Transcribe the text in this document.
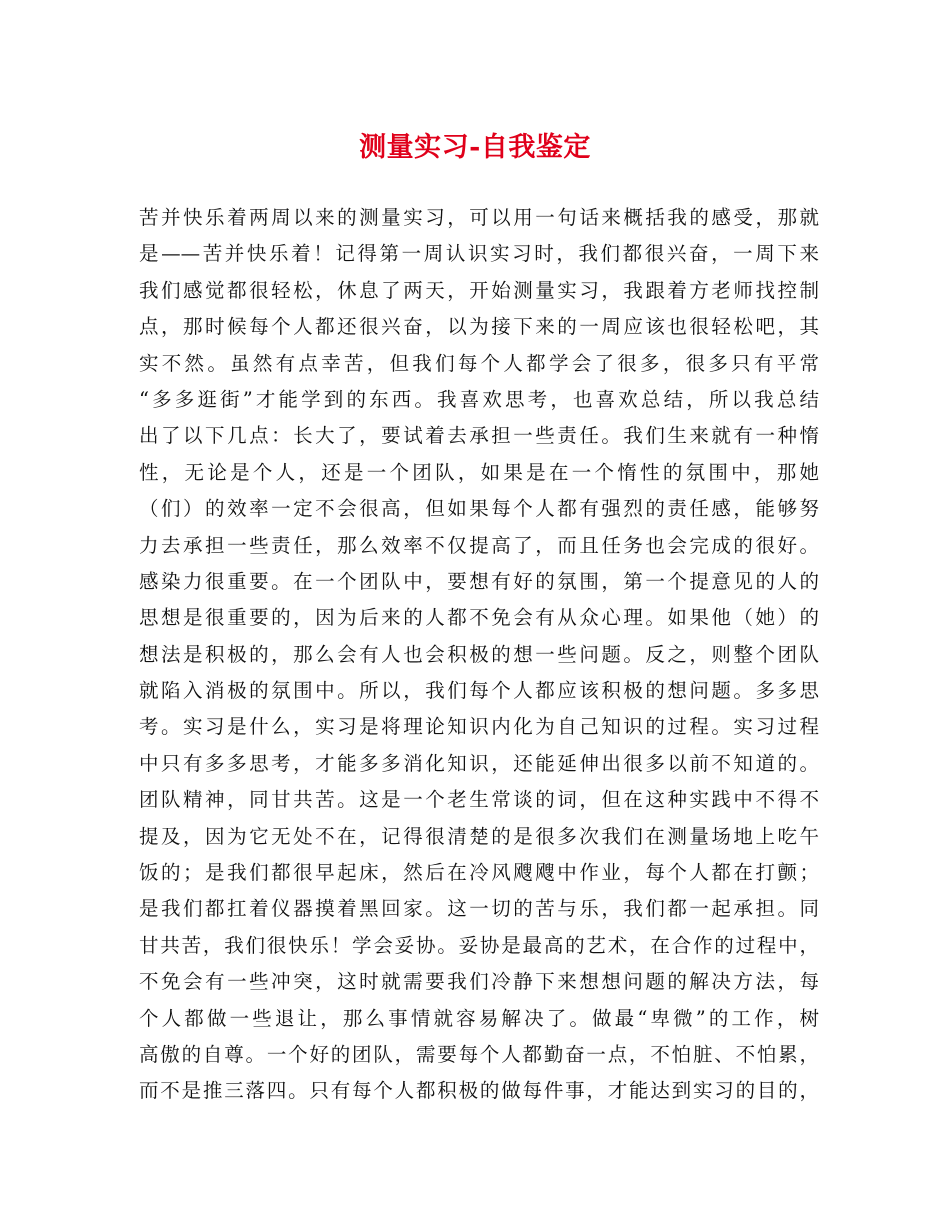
测量实习-自我鉴定
苦并快乐着两周以来的测量实习，可以用一句话来概括我的感受，那就
是——苦并快乐着！记得第一周认识实习时，我们都很兴奋，一周下来
我们感觉都很轻松，休息了两天，开始测量实习，我跟着方老师找控制
点，那时候每个人都还很兴奋，以为接下来的一周应该也很轻松吧，其
实不然。虽然有点幸苦，但我们每个人都学会了很多，很多只有平常
“多多逛街”才能学到的东西。我喜欢思考，也喜欢总结，所以我总结
出了以下几点：长大了，要试着去承担一些责任。我们生来就有一种惰
性，无论是个人，还是一个团队，如果是在一个惰性的氛围中，那她
（们）的效率一定不会很高，但如果每个人都有强烈的责任感，能够努
力去承担一些责任，那么效率不仅提高了，而且任务也会完成的很好。
感染力很重要。在一个团队中，要想有好的氛围，第一个提意见的人的
思想是很重要的，因为后来的人都不免会有从众心理。如果他（她）的
想法是积极的，那么会有人也会积极的想一些问题。反之，则整个团队
就陷入消极的氛围中。所以，我们每个人都应该积极的想问题。多多思
考。实习是什么，实习是将理论知识内化为自己知识的过程。实习过程
中只有多多思考，才能多多消化知识，还能延伸出很多以前不知道的。
团队精神，同甘共苦。这是一个老生常谈的词，但在这种实践中不得不
提及，因为它无处不在，记得很清楚的是很多次我们在测量场地上吃午
饭的；是我们都很早起床，然后在冷风飕飕中作业，每个人都在打颤；
是我们都扛着仪器摸着黑回家。这一切的苦与乐，我们都一起承担。同
甘共苦，我们很快乐！学会妥协。妥协是最高的艺术，在合作的过程中，
不免会有一些冲突，这时就需要我们冷静下来想想问题的解决方法，每
个人都做一些退让，那么事情就容易解决了。做最“卑微”的工作，树
高傲的自尊。一个好的团队，需要每个人都勤奋一点，不怕脏、不怕累，
而不是推三落四。只有每个人都积极的做每件事，才能达到实习的目的，
